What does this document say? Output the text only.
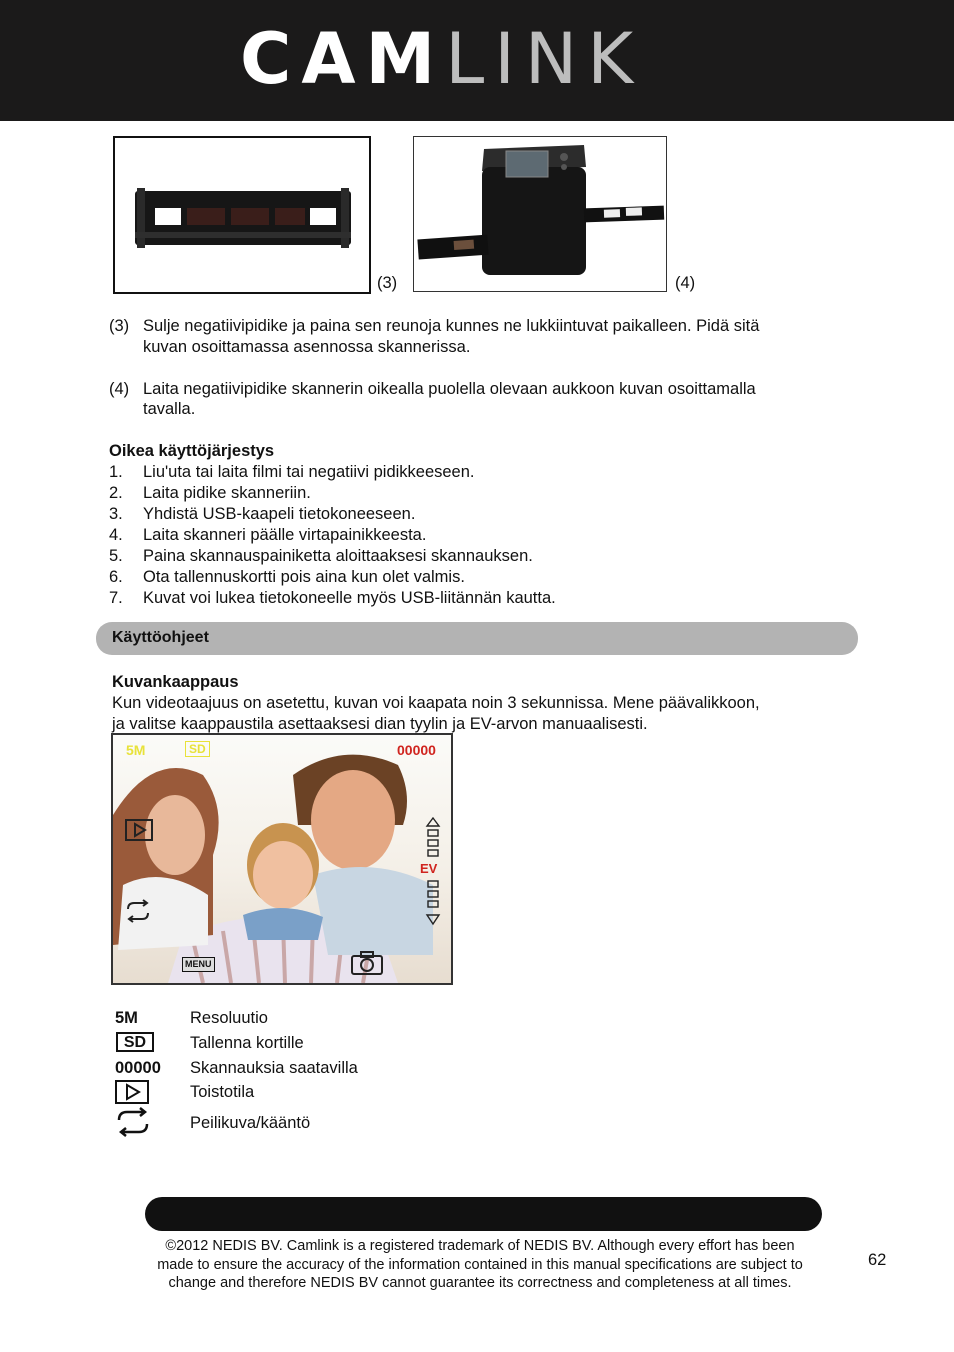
CAMLINK
(3)	(4)
(3) Sulje negatiivipidike ja paina sen reunoja kunnes ne lukkiintuvat paikalleen. Pidä sitä
kuvan osoittamassa asennossa skannerissa.
(4) Laita negatiivipidike skannerin oikealla puolella olevaan aukkoon kuvan osoittamalla
tavalla.
Oikea käyttöjärjestys
1. Liu'uta tai laita filmi tai negatiivi pidikkeeseen.
2. Laita pidike skanneriin.
3. Yhdistä USB-kaapeli tietokoneeseen.
4. Laita skanneri päälle virtapainikkeesta.
5. Paina skannauspainiketta aloittaaksesi skannauksen.
6. Ota tallennuskortti pois aina kun olet valmis.
7. Kuvat voi lukea tietokoneelle myös USB-liitännän kautta.
Käyttöohjeet
Kuvankaappaus
Kun videotaajuus on asetettu, kuvan voi kaapata noin 3 sekunnissa. Mene päävalikkoon,
ja valitse kaappaustila asettaaksesi dian tyylin ja EV-arvon manuaalisesti.
5M	SD	00000
EV
MENU
5M	Resoluutio
SD	Tallenna kortille
00000 Skannauksia saatavilla
Toistotila
Peilikuva/kääntö
©2012 NEDIS BV. Camlink is a registered trademark of NEDIS BV. Although every effort has been
made to ensure the accuracy of the information contained in this manual specifications are subject to
change and therefore NEDIS BV cannot guarantee its correctness and completeness at all times.
62
